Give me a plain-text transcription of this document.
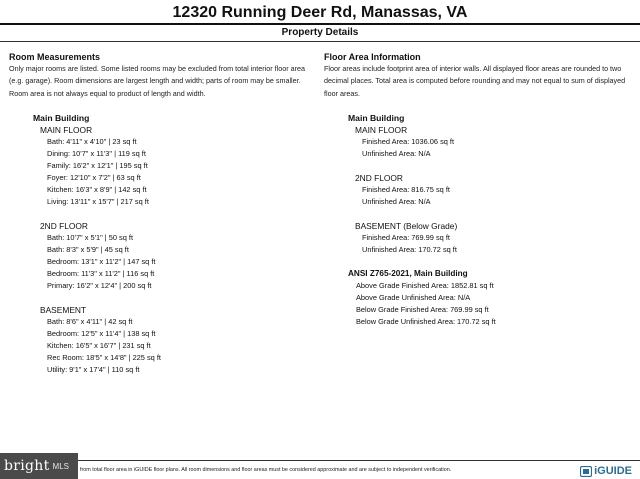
12320 Running Deer Rd, Manassas, VA
Property Details
Room Measurements
Only major rooms are listed. Some listed rooms may be excluded from total interior floor area (e.g. garage). Room dimensions are largest length and width; parts of room may be smaller. Room area is not always equal to product of length and width.
Main Building
MAIN FLOOR
Bath: 4'11" x 4'10" | 23 sq ft
Dining: 10'7" x 11'3" | 119 sq ft
Family: 16'2" x 12'1" | 195 sq ft
Foyer: 12'10" x 7'2" | 63 sq ft
Kitchen: 16'3" x 8'9" | 142 sq ft
Living: 13'11" x 15'7" | 217 sq ft
2ND FLOOR
Bath: 10'7" x 5'1" | 50 sq ft
Bath: 8'3" x 5'9" | 45 sq ft
Bedroom: 13'1" x 11'2" | 147 sq ft
Bedroom: 11'3" x 11'2" | 116 sq ft
Primary: 16'2" x 12'4" | 200 sq ft
BASEMENT
Bath: 8'6" x 4'11" | 42 sq ft
Bedroom: 12'5" x 11'4" | 138 sq ft
Kitchen: 16'5" x 16'7" | 231 sq ft
Rec Room: 18'5" x 14'8" | 225 sq ft
Utility: 9'1" x 17'4" | 110 sq ft
Floor Area Information
Floor areas include footprint area of interior walls. All displayed floor areas are rounded to two decimal places. Total area is computed before rounding and may not equal to sum of displayed floor areas.
Main Building
MAIN FLOOR
Finished Area: 1036.06 sq ft
Unfinished Area: N/A
2ND FLOOR
Finished Area: 816.75 sq ft
Unfinished Area: N/A
BASEMENT (Below Grade)
Finished Area: 769.99 sq ft
Unfinished Area: 170.72 sq ft
ANSI Z765-2021, Main Building
Above Grade Finished Area: 1852.81 sq ft
Above Grade Unfinished Area: N/A
Below Grade Finished Area: 769.99 sq ft
Below Grade Unfinished Area: 170.72 sq ft
from total floor area in iGUIDE floor plans. All room dimensions and floor areas must be considered approximate and are subject to independent verification.
bright MLS	iGUIDE
